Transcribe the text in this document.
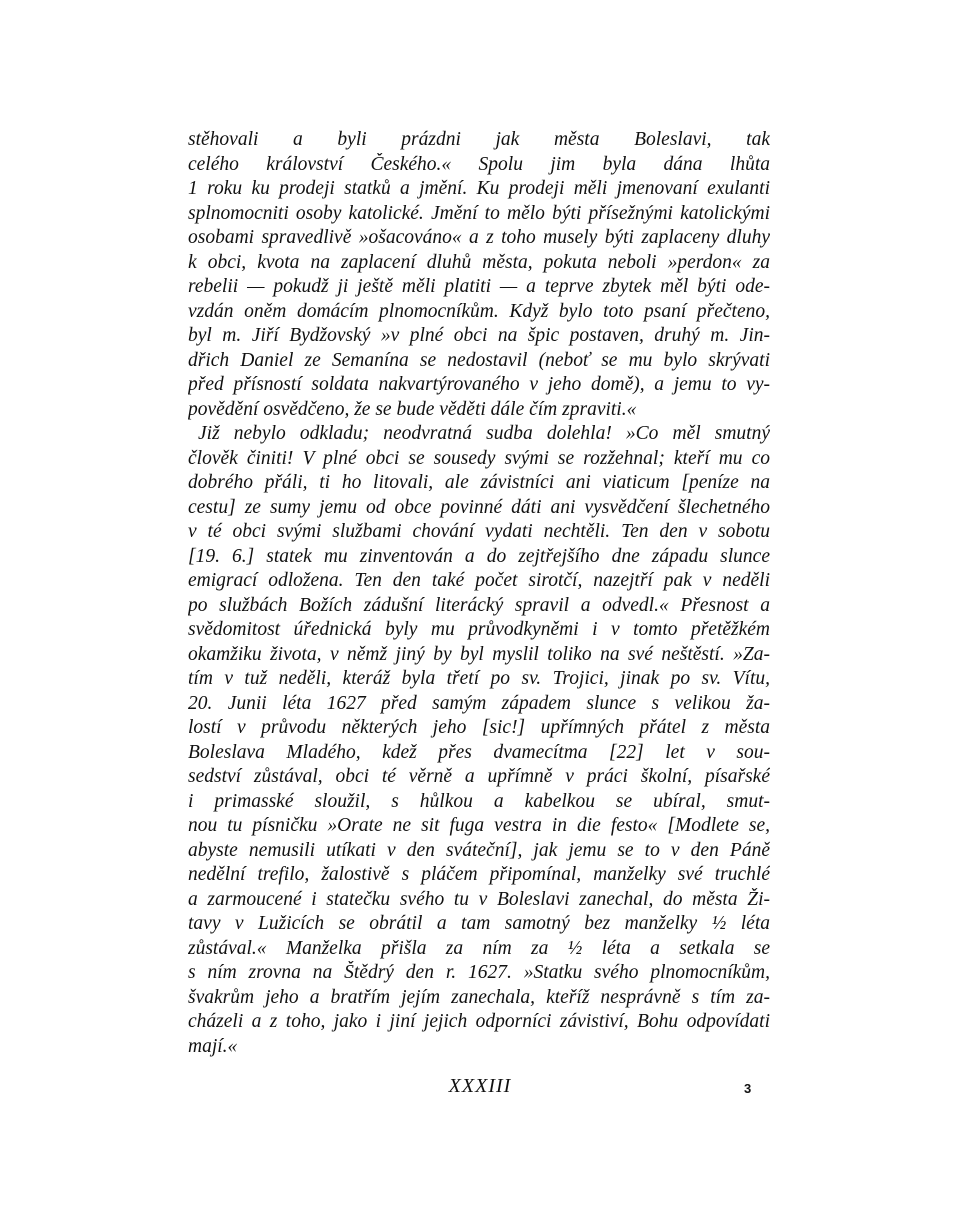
stěhovali a byli prázdni jak města Boleslavi, tak
celého království Českého.« Spolu jim byla dána lhůta
1 roku ku prodeji statků a jmění. Ku prodeji měli jmenovaní exulanti
splnomocniti osoby katolické. Jmění to mělo býti přísežnými katolickými
osobami spravedlivě »ošacováno« a z toho musely býti zaplaceny dluhy
k obci, kvota na zaplacení dluhů města, pokuta neboli »perdon« za
rebelii — pokudž ji ještě měli platiti — a teprve zbytek měl býti ode-
vzdán oněm domácím plnomocníkům. Když bylo toto psaní přečteno,
byl m. Jiří Bydžovský »v plné obci na špic postaven, druhý m. Jin-
dřich Daniel ze Semanína se nedostavil (neboť se mu bylo skrývati
před přísností soldata nakvartýrovaného v jeho domě), a jemu to vy-
povědění osvědčeno, že se bude věděti dále čím zpraviti.«
Již nebylo odkladu; neodvratná sudba dolehla! »Co měl smutný
člověk činiti! V plné obci se sousedy svými se rozžehnal; kteří mu co
dobrého přáli, ti ho litovali, ale závistníci ani viaticum [peníze na
cestu] ze sumy jemu od obce povinné dáti ani vysvědčení šlechetného
v té obci svými službami chování vydati nechtěli. Ten den v sobotu
[19. 6.] statek mu zinventován a do zejtřejšího dne západu slunce
emigrací odložena. Ten den také počet sirotčí, nazejtří pak v neděli
po službách Božích zádušní literácký spravil a odvedl.« Přesnost a
svědomitost úřednická byly mu průvodkyněmi i v tomto přetěžkém
okamžiku života, v němž jiný by byl myslil toliko na své neštěstí. »Za-
tím v tuž neděli, kteráž byla třetí po sv. Trojici, jinak po sv. Vítu,
20. Junii léta 1627 před samým západem slunce s velikou ža-
lostí v průvodu některých jeho [sic!] upřímných přátel z města
Boleslava Mladého, kdež přes dvamecítma [22] let v sou-
sedství zůstával, obci té věrně a upřímně v práci školní, písařské
i primasské sloužil, s hůlkou a kabelkou se ubíral, smut-
nou tu písničku »Orate ne sit fuga vestra in die festo« [Modlete se,
abyste nemusili utíkati v den sváteční], jak jemu se to v den Páně
nedělní trefilo, žalostivě s pláčem připomínal, manželky své truchlé
a zarmoucené i statečku svého tu v Boleslavi zanechal, do města Ži-
tavy v Lužicích se obrátil a tam samotný bez manželky ½ léta
zůstával.« Manželka přišla za ním za ½ léta a setkala se
s ním zrovna na Štědrý den r. 1627. »Statku svého plnomocníkům,
švakrům jeho a bratřím jejím zanechala, kteříž nesprávně s tím za-
cházeli a z toho, jako i jiní jejich odporníci závistiví, Bohu odpovídati
mají.«
XXXIII	3
